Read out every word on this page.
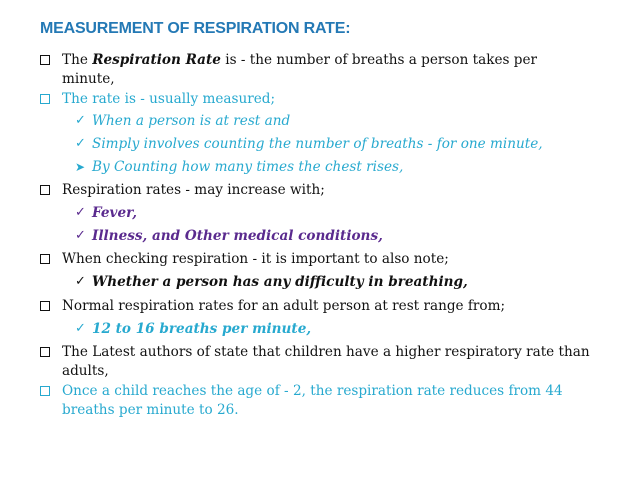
MEASUREMENT OF RESPIRATION RATE:
The Respiration Rate is - the number of breaths a person takes per
minute,
The rate is - usually measured;
✓ When a person is at rest and
✓ Simply involves counting the number of breaths - for one minute,
➤ By Counting how many times the chest rises,
Respiration rates - may increase with;
✓ Fever,
✓ Illness, and Other medical conditions,
When checking respiration - it is important to also note;
✓ Whether a person has any difficulty in breathing,
Normal respiration rates for an adult person at rest range from;
✓ 12 to 16 breaths per minute,
The Latest authors of state that children have a higher respiratory rate than
adults,
Once a child reaches the age of - 2, the respiration rate reduces from 44
breaths per minute to 26.
